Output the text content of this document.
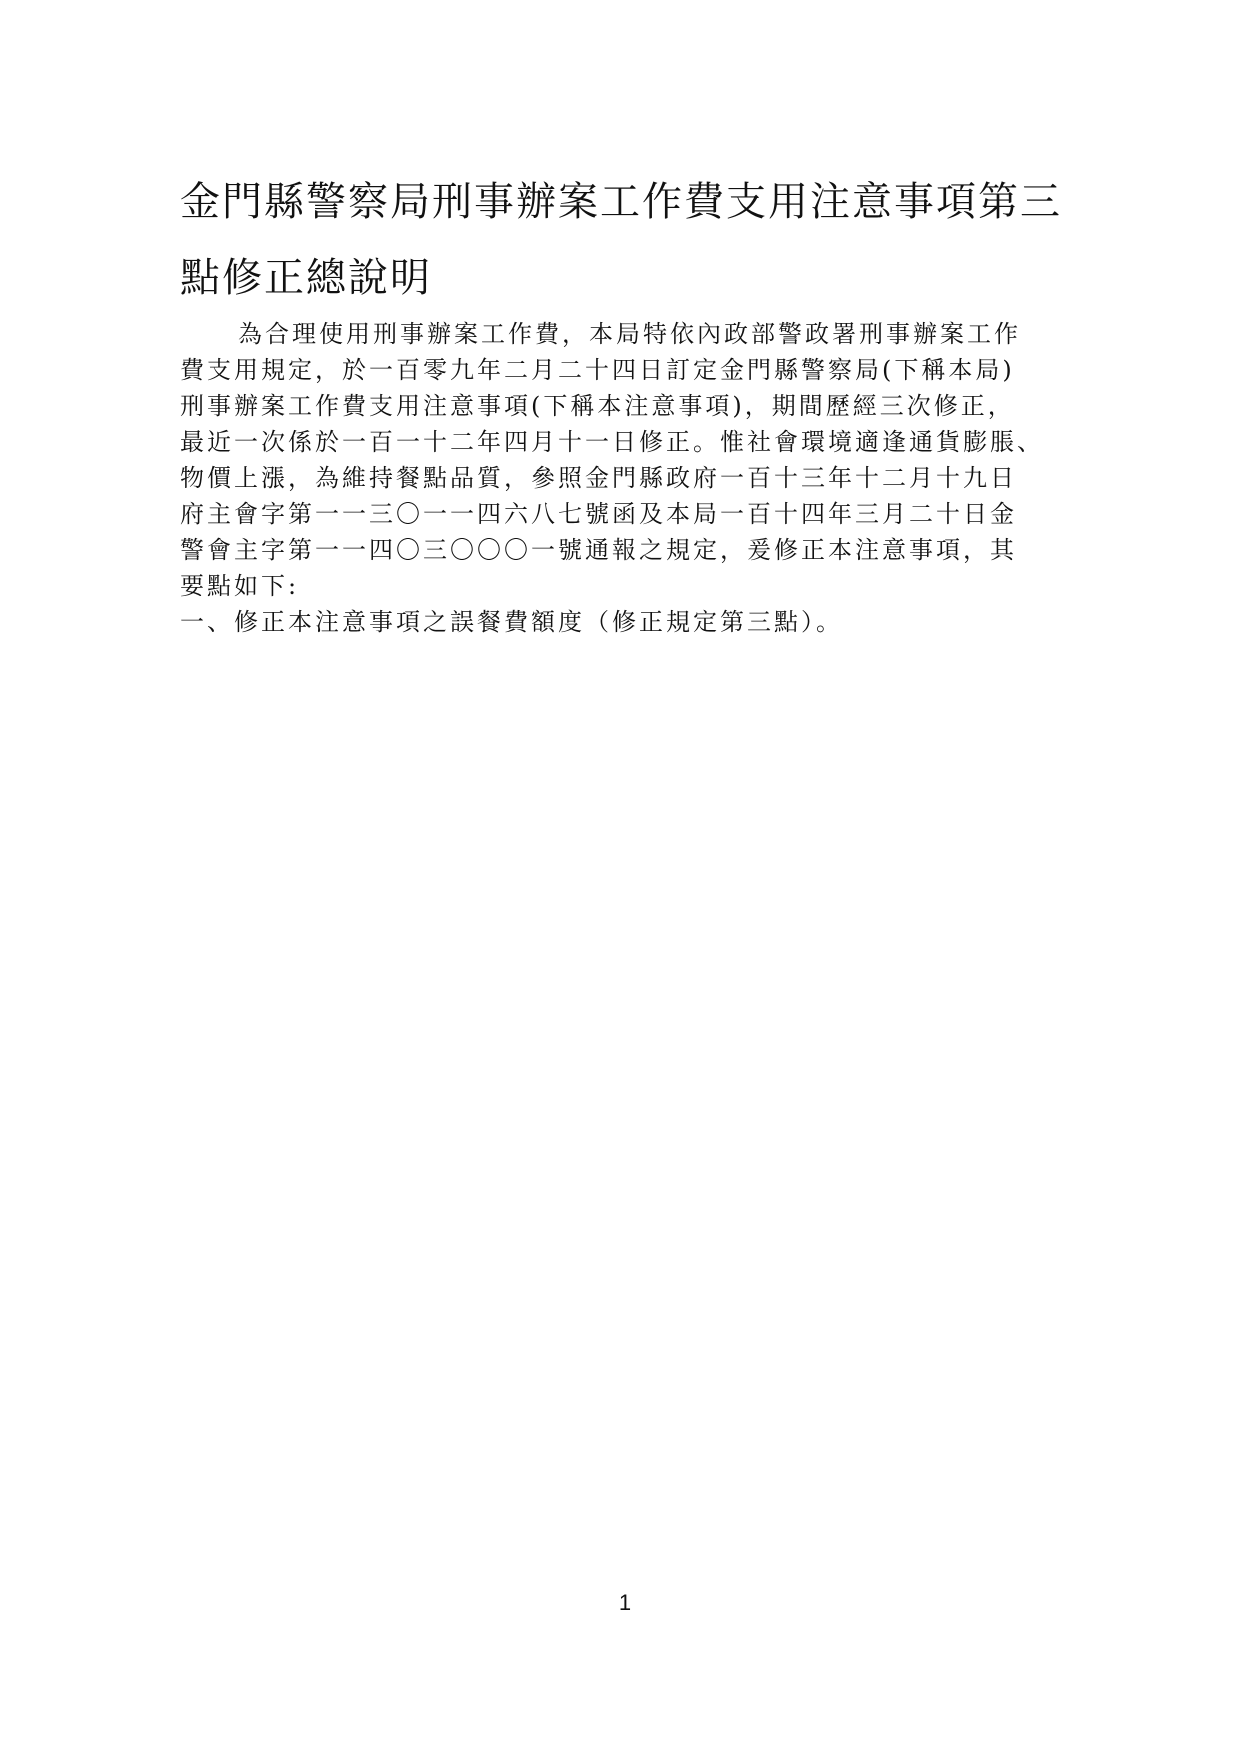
金門縣警察局刑事辦案工作費支用注意事項第三
點修正總說明
為合理使用刑事辦案工作費，本局特依內政部警政署刑事辦案工作
費支用規定，於一百零九年二月二十四日訂定金門縣警察局(下稱本局)
刑事辦案工作費支用注意事項(下稱本注意事項)，期間歷經三次修正，
最近一次係於一百一十二年四月十一日修正。惟社會環境適逢通貨膨脹、
物價上漲，為維持餐點品質，參照金門縣政府一百十三年十二月十九日
府主會字第一一三〇一一四六八七號函及本局一百十四年三月二十日金
警會主字第一一四〇三〇〇〇一號通報之規定，爰修正本注意事項，其
要點如下:
一、修正本注意事項之誤餐費額度（修正規定第三點）。
1
